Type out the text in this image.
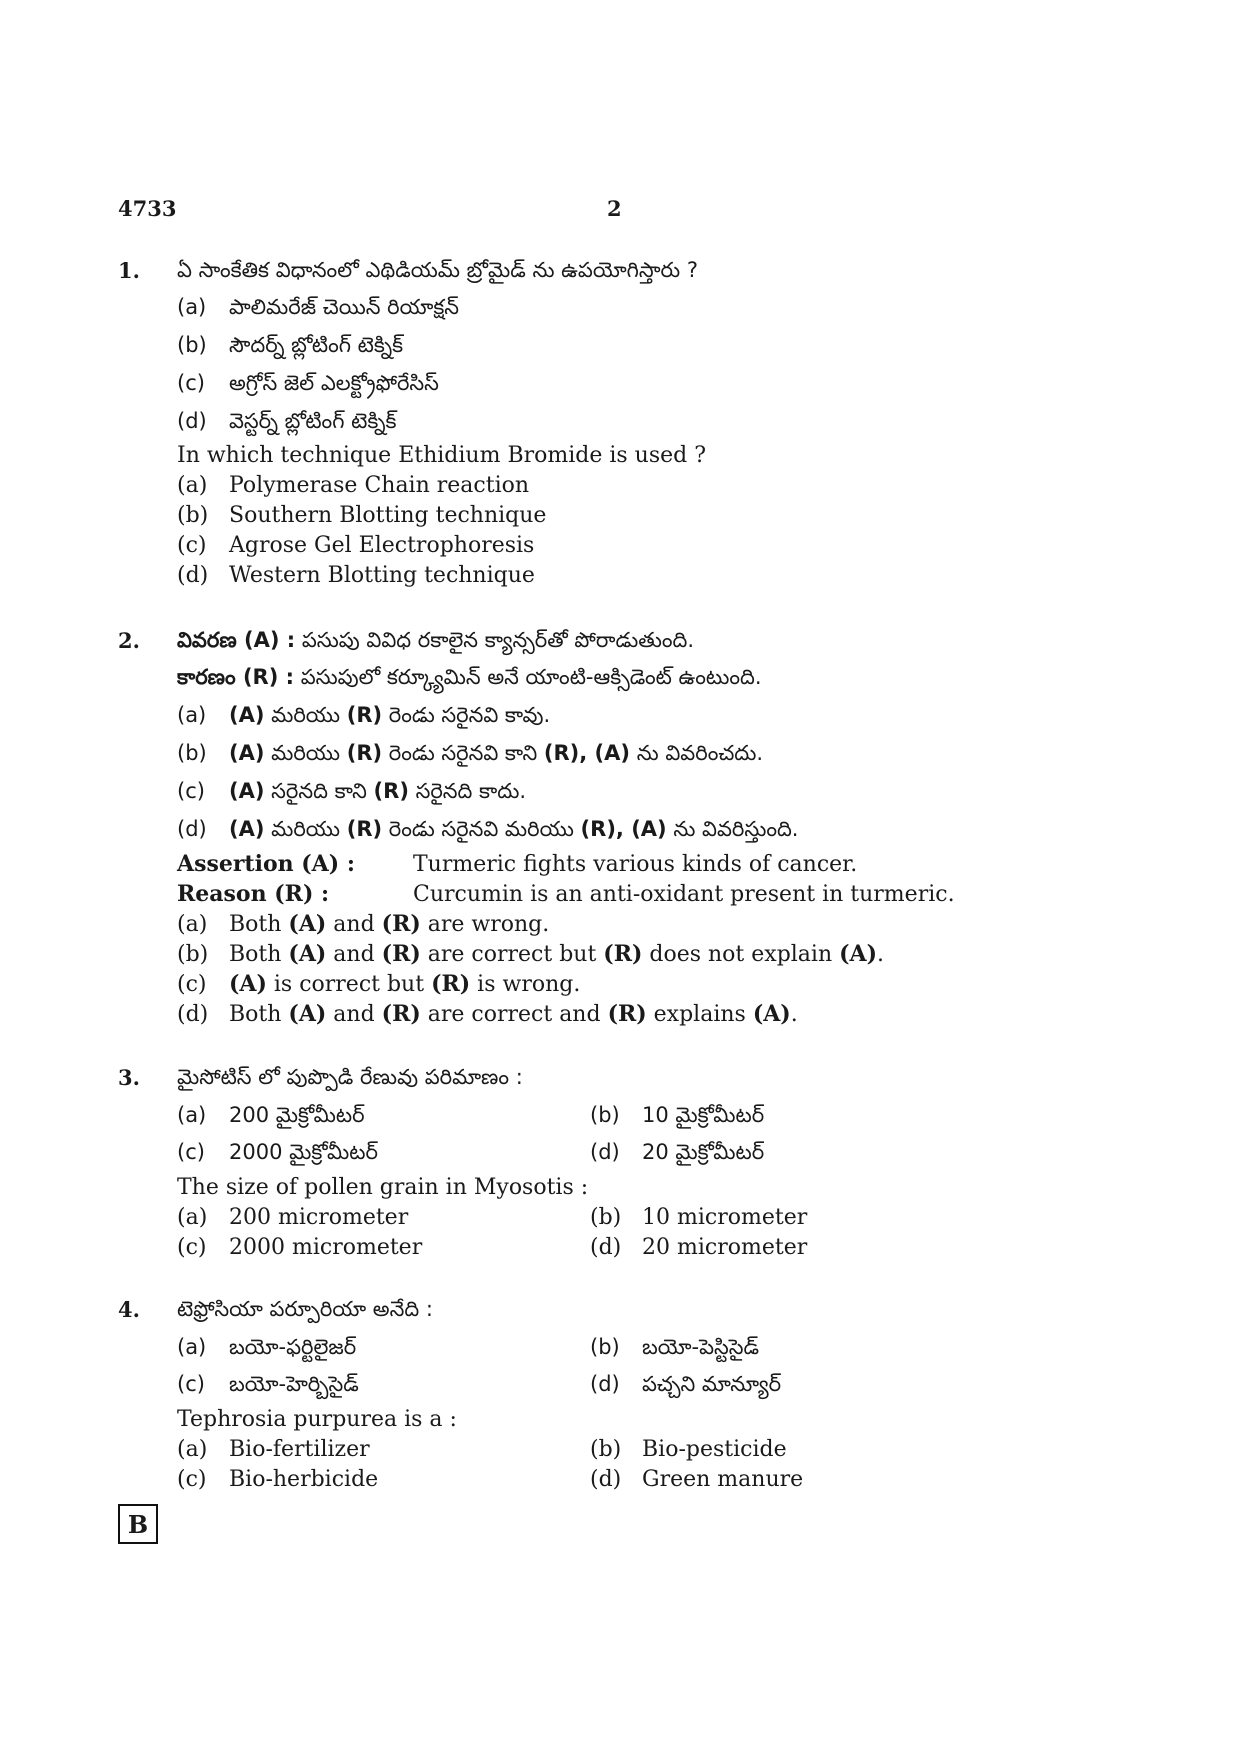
4733	2
1. ఏ సాంకేతిక విధానంలో ఎథిడియమ్ బ్రోమైడ్ ను ఉపయోగిస్తారు ?
(a) పాలిమరేజ్ చెయిన్ రియాక్షన్
(b) సౌదర్న్ బ్లోటింగ్ టెక్నిక్
(c) అగ్రోస్ జెల్ ఎలక్ట్రోఫోరేసిస్
(d) వెస్టర్న్ బ్లోటింగ్ టెక్నిక్
In which technique Ethidium Bromide is used ?
(a) Polymerase Chain reaction
(b) Southern Blotting technique
(c) Agrose Gel Electrophoresis
(d) Western Blotting technique
2. వివరణ (A) : పసుపు వివిధ రకాలైన క్యాన్సర్‌తో పోరాడుతుంది.
కారణం (R) : పసుపులో కర్క్యూమిన్ అనే యాంటి-ఆక్సిడెంట్ ఉంటుంది.
(a) (A) మరియు (R) రెండు సరైనవి కావు.
(b) (A) మరియు (R) రెండు సరైనవి కాని (R), (A) ను వివరించదు.
(c) (A) సరైనది కాని (R) సరైనది కాదు.
(d) (A) మరియు (R) రెండు సరైనవి మరియు (R), (A) ను వివరిస్తుంది.
Assertion (A) :	Turmeric fights various kinds of cancer.
Reason (R) :	Curcumin is an anti-oxidant present in turmeric.
(a) Both (A) and (R) are wrong.
(b) Both (A) and (R) are correct but (R) does not explain (A).
(c) (A) is correct but (R) is wrong.
(d) Both (A) and (R) are correct and (R) explains (A).
3. మైసోటిస్ లో పుప్పొడి రేణువు పరిమాణం :
(a) 200 మైక్రోమీటర్	(b) 10 మైక్రోమీటర్
(c) 2000 మైక్రోమీటర్	(d) 20 మైక్రోమీటర్
The size of pollen grain in Myosotis :
(a) 200 micrometer	(b) 10 micrometer
(c) 2000 micrometer	(d) 20 micrometer
4. టెఫ్రోసియా పర్పూరియా అనేది :
(a) బయో-ఫర్టిలైజర్	(b) బయో-పెస్టిసైడ్
(c) బయో-హెర్బిసైడ్	(d) పచ్చని మాన్యూర్
Tephrosia purpurea is a :
(a) Bio-fertilizer	(b) Bio-pesticide
(c) Bio-herbicide	(d) Green manure
B
